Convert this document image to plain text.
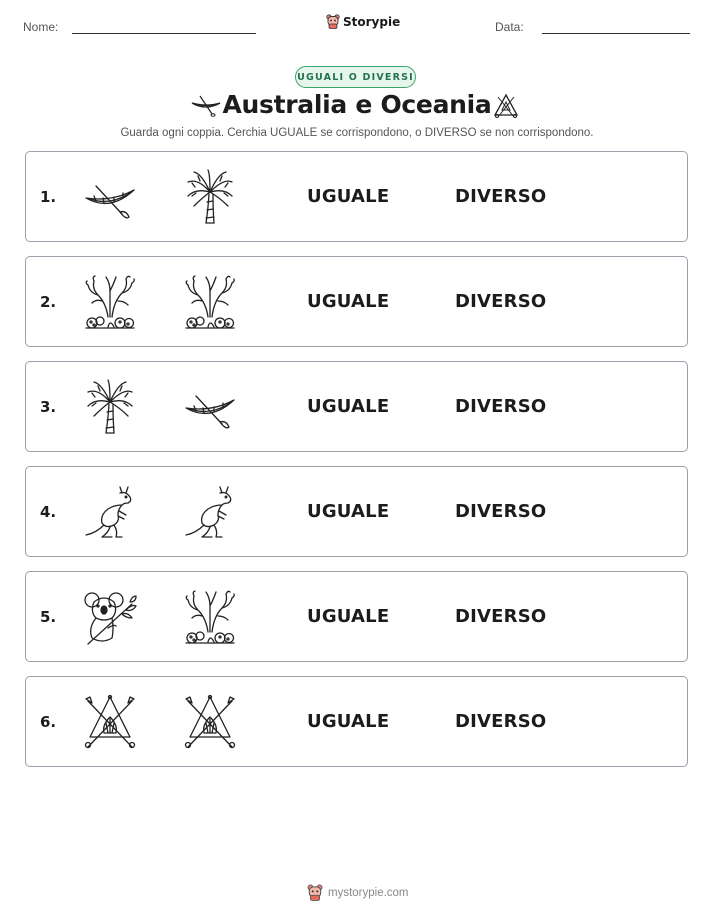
Nome:	Storypie	Data:
UGUALI O DIVERSI
Australia e Oceania
Guarda ogni coppia. Cerchia UGUALE se corrispondono, o DIVERSO se non corrispondono.
1.	UGUALE	DIVERSO
2.	UGUALE	DIVERSO
3.	UGUALE	DIVERSO
4.	UGUALE	DIVERSO
5.	UGUALE	DIVERSO
6.	UGUALE	DIVERSO
mystorypie.com
